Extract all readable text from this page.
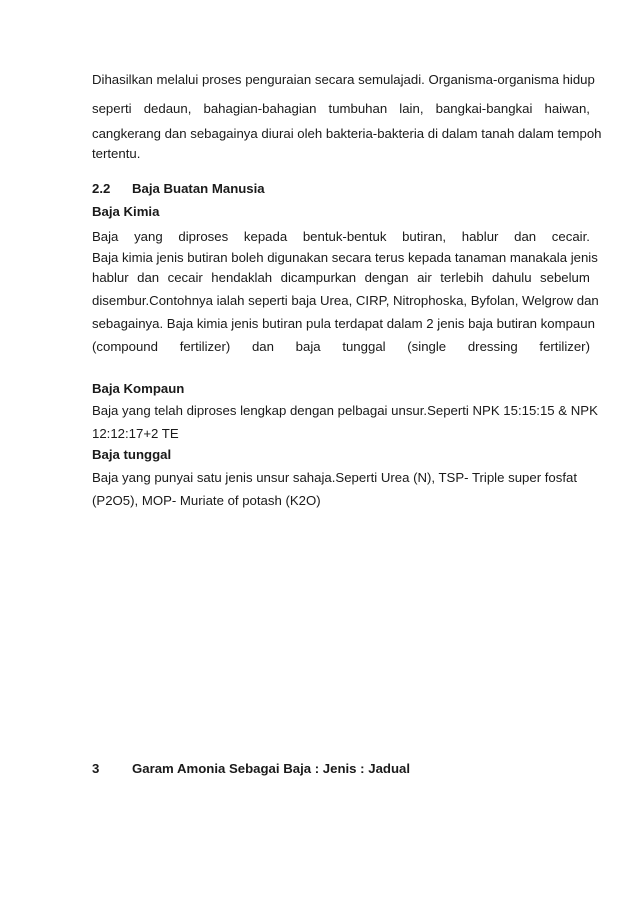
Dihasilkan melalui proses penguraian secara semulajadi. Organisma-organisma hidup
seperti dedaun, bahagian-bahagian tumbuhan lain, bangkai-bangkai haiwan,
cangkerang dan sebagainya diurai oleh bakteria-bakteria di dalam tanah dalam tempoh
tertentu.
2.2 Baja Buatan Manusia
Baja Kimia
Baja yang diproses kepada bentuk-bentuk butiran, hablur dan cecair.
Baja kimia jenis butiran boleh digunakan secara terus kepada tanaman manakala jenis
hablur dan cecair hendaklah dicampurkan dengan air terlebih dahulu sebelum
disembur.Contohnya ialah seperti baja Urea, CIRP, Nitrophoska, Byfolan, Welgrow dan
sebagainya. Baja kimia jenis butiran pula terdapat dalam 2 jenis baja butiran kompaun
(compound fertilizer) dan baja tunggal (single dressing fertilizer)
Baja Kompaun
Baja yang telah diproses lengkap dengan pelbagai unsur.Seperti NPK 15:15:15 & NPK
12:12:17+2 TE
Baja tunggal
Baja yang punyai satu jenis unsur sahaja.Seperti Urea (N), TSP- Triple super fosfat
(P2O5), MOP- Muriate of potash (K2O)
3 Garam Amonia Sebagai Baja : Jenis : Jadual
